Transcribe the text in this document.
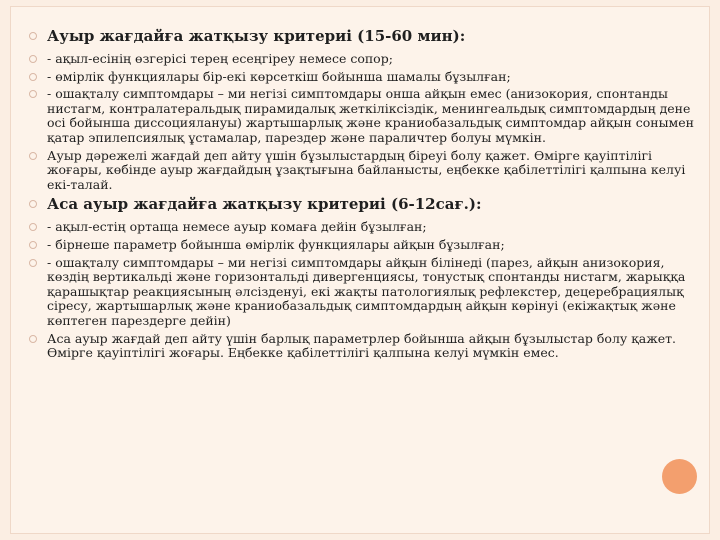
Ауыр жағдайға жатқызу критериі (15-60 мин):
- ақыл-есінің өзгерісі терең есеңгіреу немесе сопор;
- өмірлік функциялары бір-екі көрсеткіш бойынша шамалы бұзылған;
- ошақталу симптомдары – ми негізі симптомдары онша айқын емес (анизокория, спонтанды нистагм, контралатеральдық пирамидалық жеткіліксіздік, менингеальдық симптомдардың дене осі бойынша диссоциялануы) жартышарлық және краниобазальдық симптомдар айқын сонымен қатар эпилепсиялық ұстамалар, парездер және параличтер болуы мүмкін.
Ауыр дәрежелі жағдай деп айту үшін бұзылыстардың біреуі болу қажет. Өмірге қауіптілігі жоғары, көбінде ауыр жағдайдың ұзақтығына байланысты, еңбекке қабілеттілігі қалпына келуі екі-талай.
Аса ауыр жағдайға жатқызу критериі (6-12сағ.):
- ақыл-естің ортаща немесе ауыр комаға дейін бұзылған;
- бірнеше параметр бойынша өмірлік функциялары айқын бұзылған;
- ошақталу симптомдары – ми негізі симптомдары айқын білінеді (парез, айқын анизокория, көздің вертикальді және горизонтальді дивергенциясы, тонустық спонтанды нистагм, жарыққа қарашықтар реакциясының әлсізденуі, екі жақты патологиялық рефлекстер, децеребрациялық сіресу, жартышарлық және краниобазальдық симптомдардың айқын көрінуі (екіжақтық және көптеген парездерге дейін)
Аса ауыр жағдай деп айту үшін барлық параметрлер бойынша айқын бұзылыстар болу қажет. Өмірге қауіптілігі жоғары. Еңбекке қабілеттілігі қалпына келуі мүмкін емес.
